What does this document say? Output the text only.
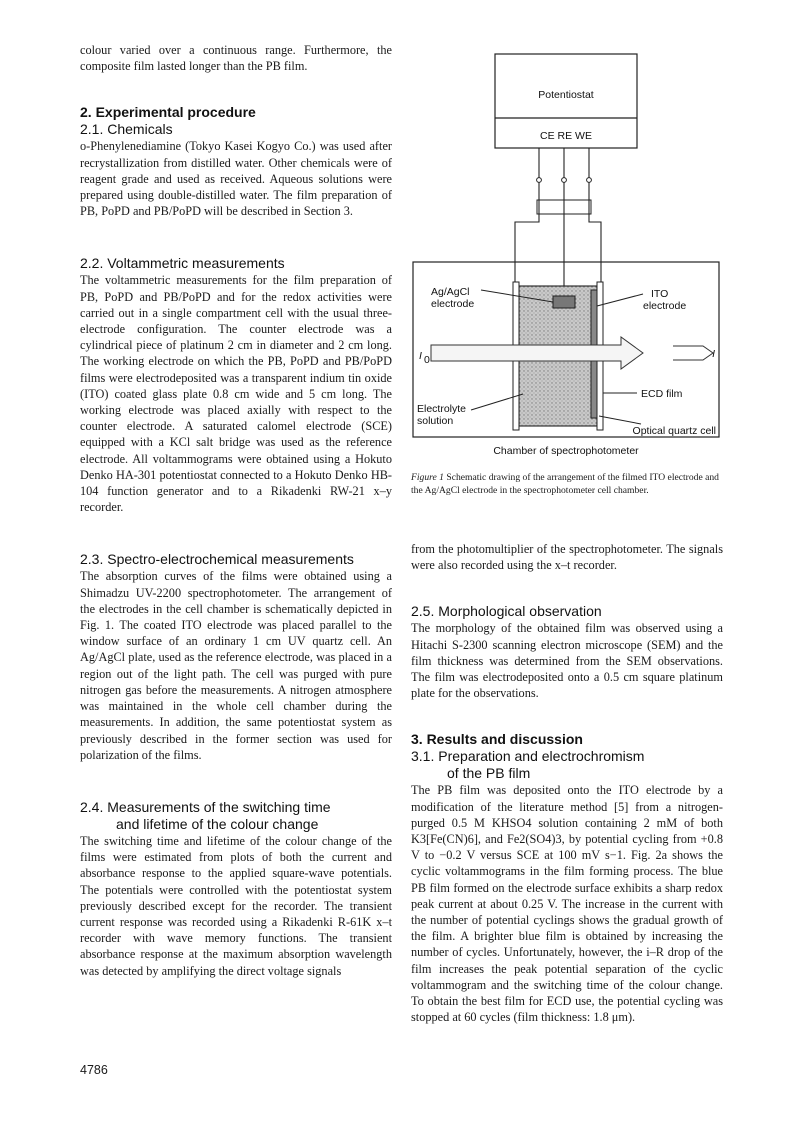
colour varied over a continuous range. Furthermore, the composite film lasted longer than the PB film.

2. Experimental procedure
2.1. Chemicals

o-Phenylenediamine (Tokyo Kasei Kogyo Co.) was used after recrystallization from distilled water. Other chemicals were of reagent grade and used as received. Aqueous solutions were prepared using double-distilled water. The film preparation of PB, PoPD and PB/PoPD will be described in Section 3.

2.2. Voltammetric measurements

The voltammetric measurements for the film preparation of PB, PoPD and PB/PoPD and for the redox activities were carried out in a single compartment cell with the usual three-electrode configuration. The counter electrode was a cylindrical piece of platinum 2 cm in diameter and 2 cm long. The working electrode on which the PB, PoPD and PB/PoPD films were electrodeposited was a transparent indium tin oxide (ITO) coated glass plate 0.8 cm wide and 5 cm long. The working electrode was placed axially with respect to the counter electrode. A saturated calomel electrode (SCE) equipped with a KCl salt bridge was used as the reference electrode. All voltammograms were obtained using a Hokuto Denko HA-301 potentiostat connected to a Hokuto Denko HB-104 function generator and to a Rikadenki RW-21 x–y recorder.

2.3. Spectro-electrochemical measurements

The absorption curves of the films were obtained using a Shimadzu UV-2200 spectrophotometer. The arrangement of the electrodes in the cell chamber is schematically depicted in Fig. 1. The coated ITO electrode was placed parallel to the window surface of an ordinary 1 cm UV quartz cell. An Ag/AgCl plate, used as the reference electrode, was placed in a region out of the light path. The cell was purged with pure nitrogen gas before the measurements. A nitrogen atmosphere was maintained in the whole cell chamber during the measurements. In addition, the same potentiostat system as previously described in the former section was used for polarization of the films.

2.4. Measurements of the switching time
and lifetime of the colour change

The switching time and lifetime of the colour change of the films were estimated from plots of both the current and absorbance response to the applied square-wave potentials. The potentials were controlled with the potentiostat system previously described except for the recorder. The transient current response was recorded using a Rikadenki R-61K x–t recorder with wave memory functions. The transient absorbance response at the maximum absorption wavelength was detected by amplifying the direct voltage signals

Potentiostat
CE RE WE
Ag/AgCl
electrode
ITO
electrode
I 0	I
ECD film
Electrolyte
solution
Optical quartz cell
Chamber of spectrophotometer
Figure 1 Schematic drawing of the arrangement of the filmed ITO electrode and the Ag/AgCl electrode in the spectrophotometer cell chamber.

from the photomultiplier of the spectrophotometer. The signals were also recorded using the x–t recorder.

2.5. Morphological observation

The morphology of the obtained film was observed using a Hitachi S-2300 scanning electron microscope (SEM) and the film thickness was determined from the SEM observations. The film was electrodeposited onto a 0.5 cm square platinum plate for the observations.

3. Results and discussion
3.1. Preparation and electrochromism
of the PB film

The PB film was deposited onto the ITO electrode by a modification of the literature method [5] from a nitrogen-purged 0.5 M KHSO4 solution containing 2 mM of both K3[Fe(CN)6], and Fe2(SO4)3, by potential cycling from +0.8 V to −0.2 V versus SCE at 100 mV s−1. Fig. 2a shows the cyclic voltammograms in the film forming process. The blue PB film formed on the electrode surface exhibits a sharp redox peak current at about 0.25 V. The increase in the current with the number of potential cyclings shows the gradual growth of the film. A brighter blue film is obtained by increasing the number of cycles. Unfortunately, however, the i–R drop of the film increases the peak potential separation of the cyclic voltammogram and the switching time of the colour change. To obtain the best film for ECD use, the potential cycling was stopped at 60 cycles (film thickness: 1.8 μm).

4786
